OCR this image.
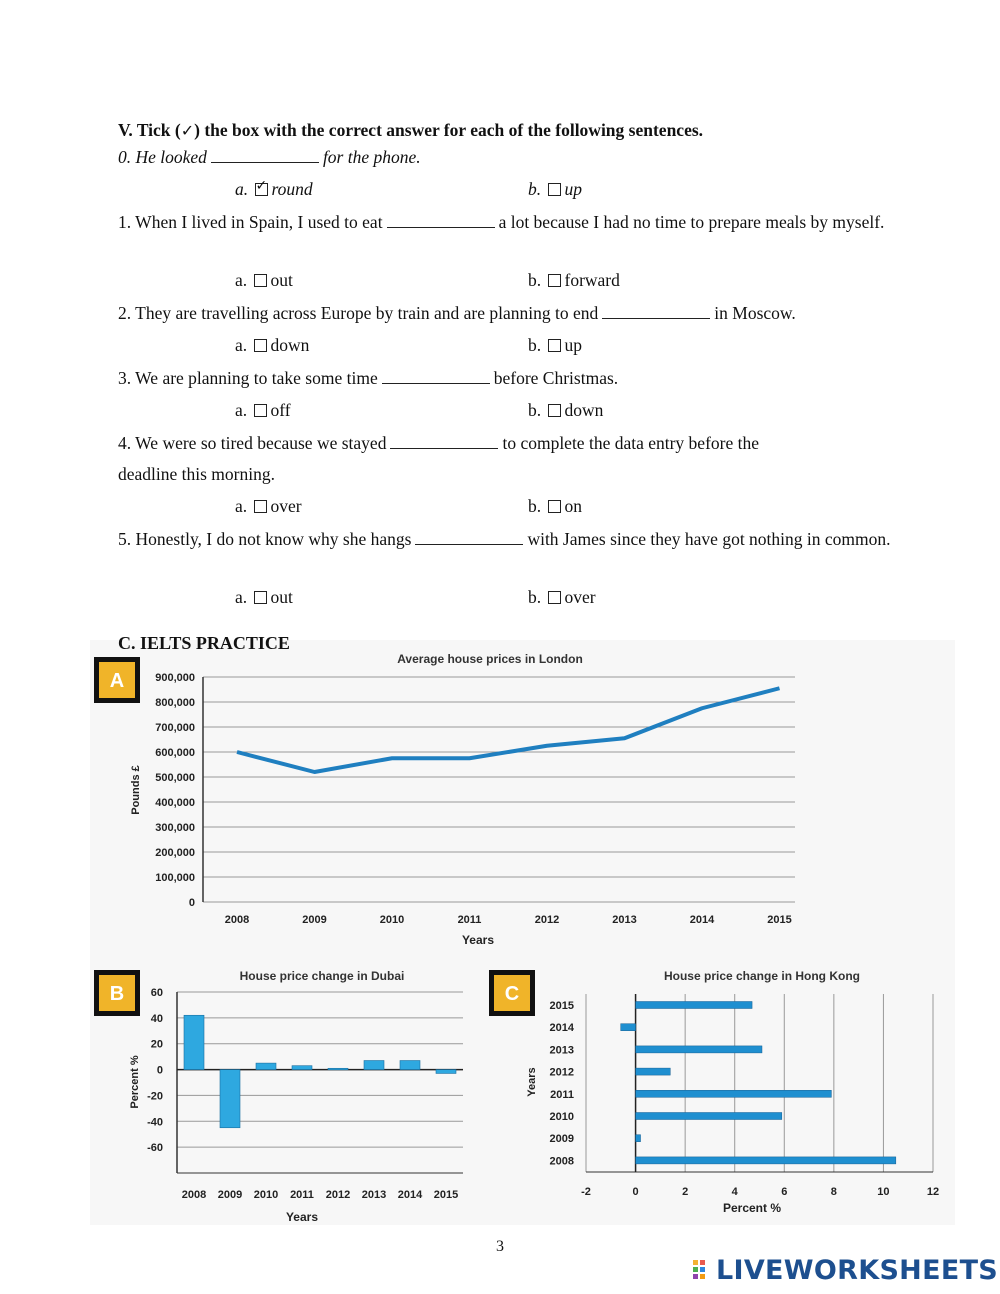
V. Tick (✓) the box with the correct answer for each of the following sentences.
0. He looked	for the phone.
a. ✓ round	b. up
1. When I lived in Spain, I used to eat	a lot because I had no time to prepare meals by myself.
a. out	b. forward
2. They are travelling across Europe by train and are planning to end	in Moscow.
a. down	b. up
3. We are planning to take some time	before Christmas.
a. off	b. down
4. We were so tired because we stayed	to complete the data entry before the
deadline this morning.
a. over	b. on
5. Honestly, I do not know why she hangs	with James since they have got nothing in common.
a. out	b. over
C. IELTS PRACTICE
A
Average house prices in London
0
100,000
200,000
300,000
400,000
500,000
600,000
700,000
800,000
900,000
2008	2009	2010	2011	2012	2013	2014	2015
Years
Pounds £
B
House price change in Dubai
-60
-40
-20
0
20
40
60
2008 2009 2010 2011 2012 2013 2014 2015
Years
Percent %
C
House price change in Hong Kong
-2	0	2	4	6	8	10	12
2015
2014
2013
2012
2011
2010
2009
2008
Percent %
Years
3
LIVEWORKSHEETS
